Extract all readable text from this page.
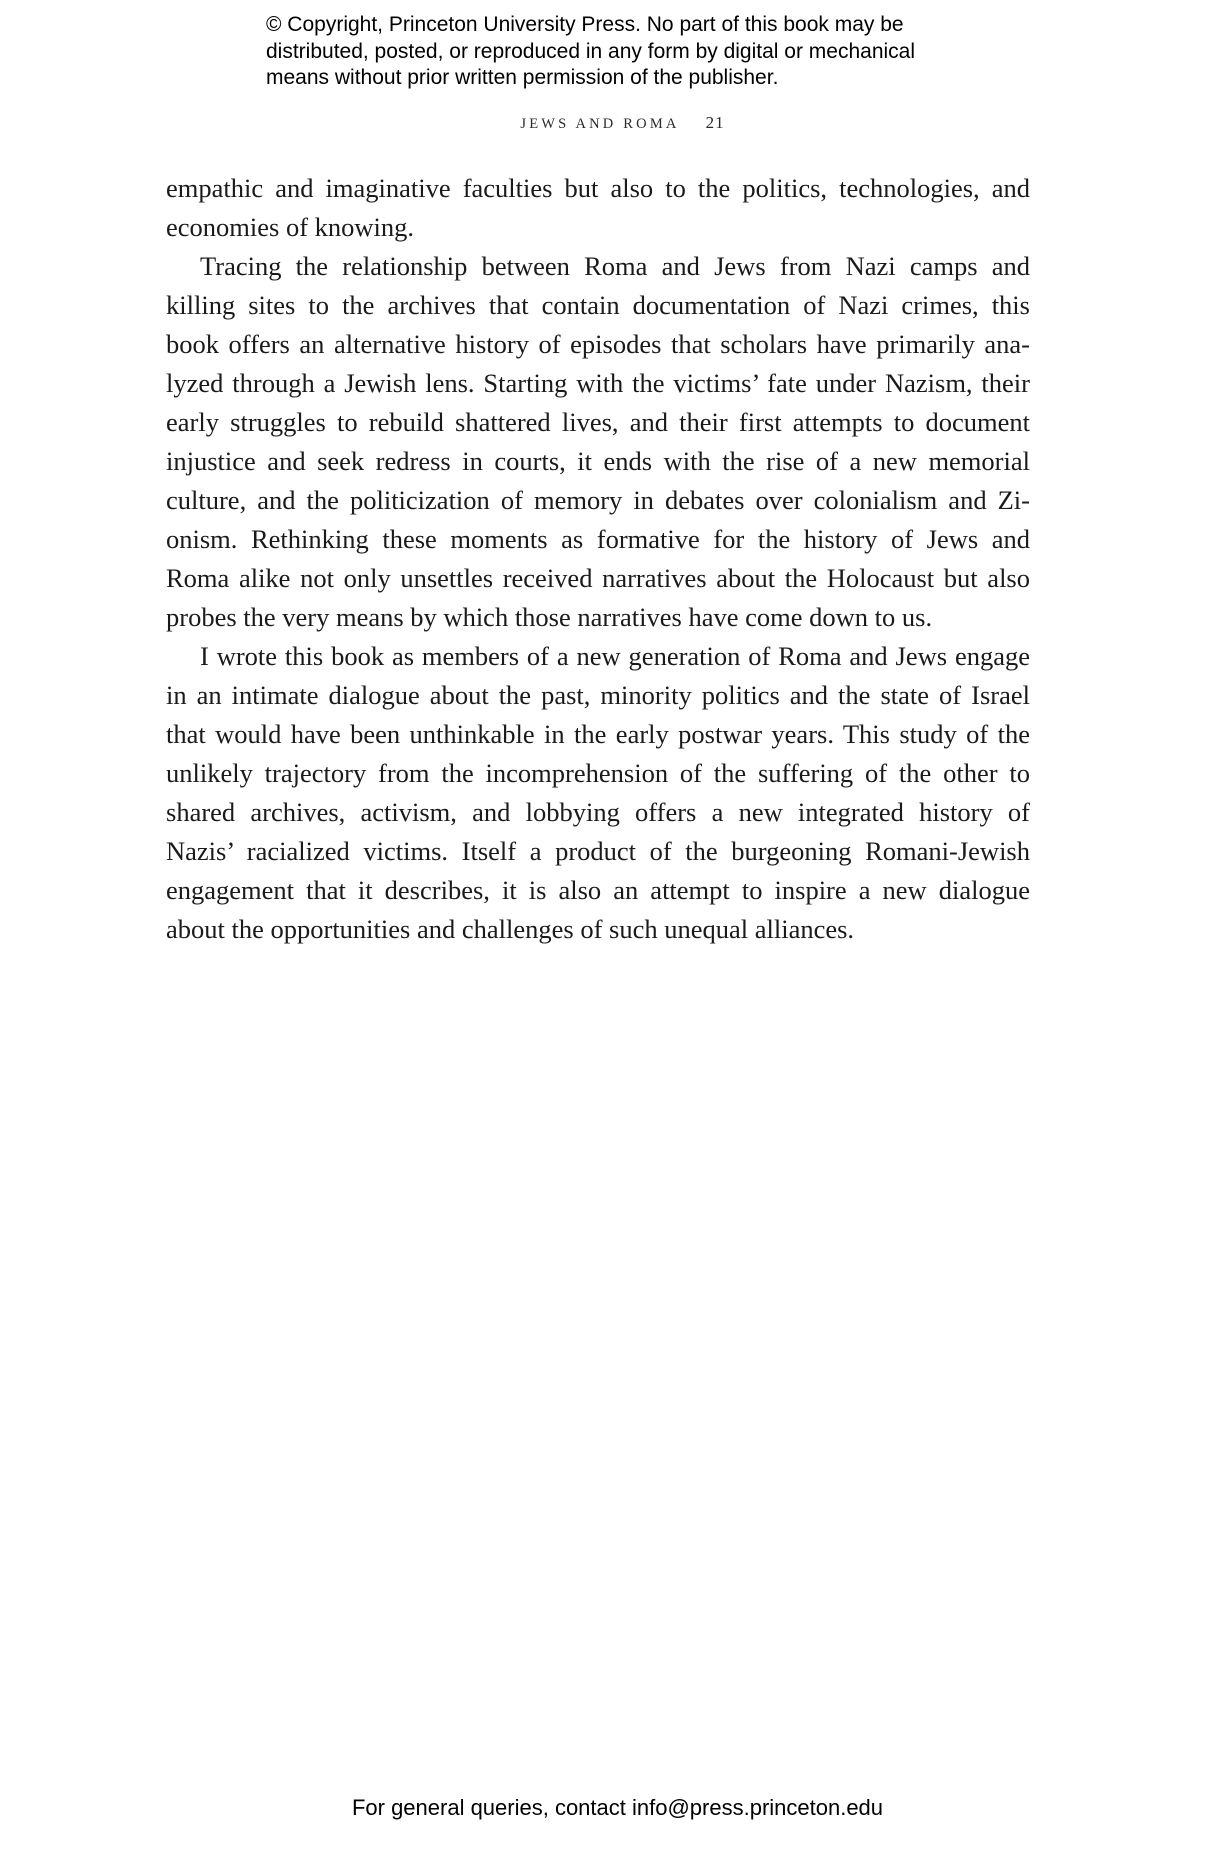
© Copyright, Princeton University Press. No part of this book may be
distributed, posted, or reproduced in any form by digital or mechanical
means without prior written permission of the publisher.
JEWS AND ROMA 21
empathic and imaginative faculties but also to the politics, technologies, and
economies of knowing.
Tracing the relationship between Roma and Jews from Nazi camps and
killing sites to the archives that contain documentation of Nazi crimes, this
book offers an alternative history of episodes that scholars have primarily ana-
lyzed through a Jewish lens. Starting with the victims’ fate under Nazism, their
early struggles to rebuild shattered lives, and their first attempts to document
injustice and seek redress in courts, it ends with the rise of a new memorial
culture, and the politicization of memory in debates over colonialism and Zi-
onism. Rethinking these moments as formative for the history of Jews and
Roma alike not only unsettles received narratives about the Holocaust but also
probes the very means by which those narratives have come down to us.
I wrote this book as members of a new generation of Roma and Jews engage
in an intimate dialogue about the past, minority politics and the state of Israel
that would have been unthinkable in the early postwar years. This study of the
unlikely trajectory from the incomprehension of the suffering of the other to
shared archives, activism, and lobbying offers a new integrated history of
Nazis’ racialized victims. Itself a product of the burgeoning Romani-Jewish
engagement that it describes, it is also an attempt to inspire a new dialogue
about the opportunities and challenges of such unequal alliances.
For general queries, contact info@press.princeton.edu
